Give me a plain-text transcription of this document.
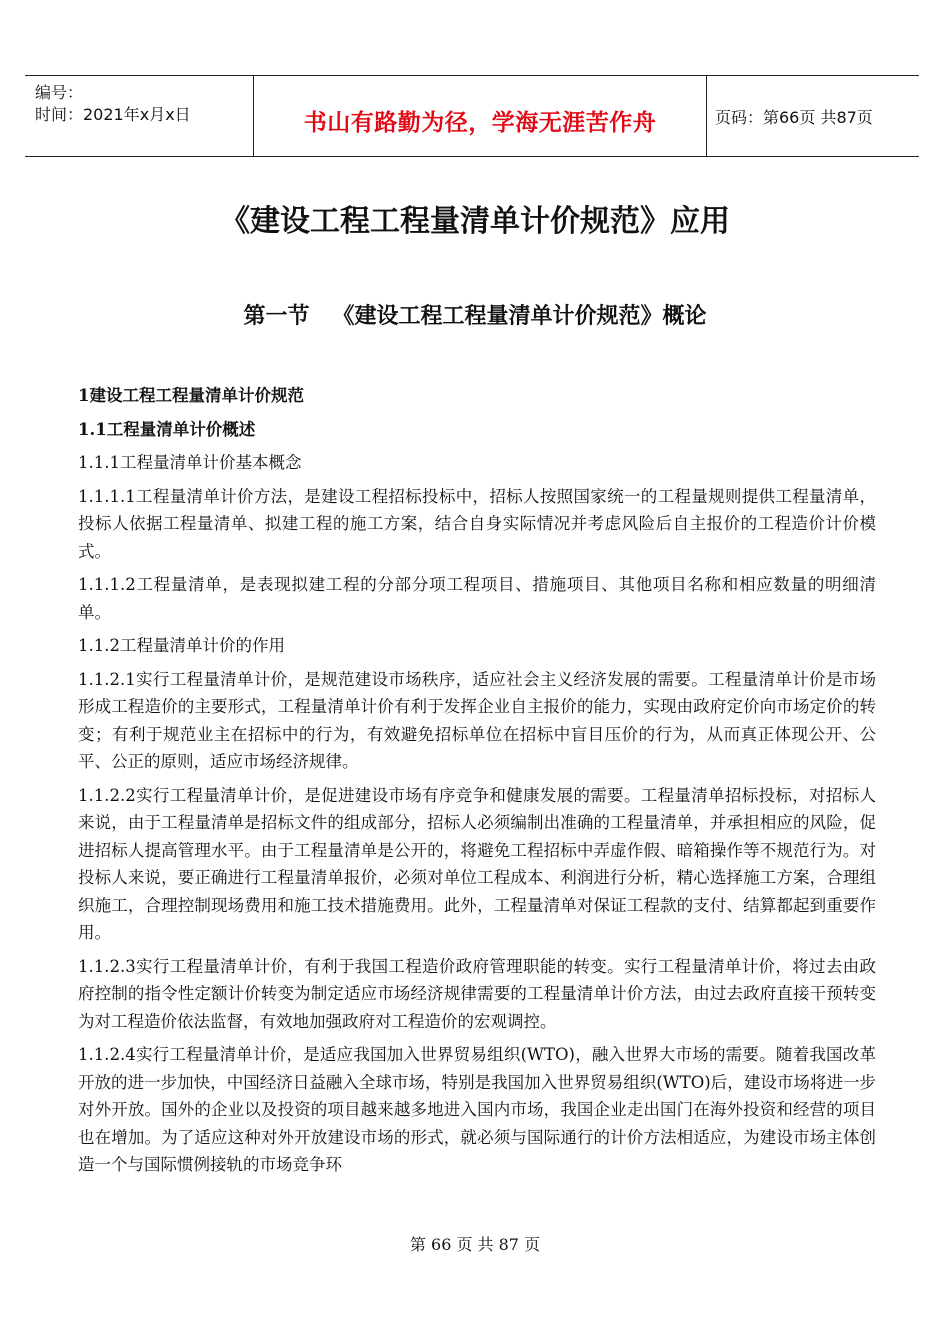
编号：
时间：2021年x月x日	书山有路勤为径，学海无涯苦作舟	页码：第66页 共87页
《建设工程工程量清单计价规范》应用
第一节   《建设工程工程量清单计价规范》概论

1建设工程工程量清单计价规范

1.1工程量清单计价概述

1.1.1工程量清单计价基本概念

1.1.1.1工程量清单计价方法，是建设工程招标投标中，招标人按照国家统一的工程量规则提供工程量清单，投标人依据工程量清单、拟建工程的施工方案，结合自身实际情况并考虑风险后自主报价的工程造价计价模式。

1.1.1.2工程量清单，是表现拟建工程的分部分项工程项目、措施项目、其他项目名称和相应数量的明细清单。

1.1.2工程量清单计价的作用

1.1.2.1实行工程量清单计价，是规范建设市场秩序，适应社会主义经济发展的需要。工程量清单计价是市场形成工程造价的主要形式，工程量清单计价有利于发挥企业自主报价的能力，实现由政府定价向市场定价的转变；有利于规范业主在招标中的行为，有效避免招标单位在招标中盲目压价的行为，从而真正体现公开、公平、公正的原则，适应市场经济规律。

1.1.2.2实行工程量清单计价，是促进建设市场有序竞争和健康发展的需要。工程量清单招标投标，对招标人来说，由于工程量清单是招标文件的组成部分，招标人必须编制出准确的工程量清单，并承担相应的风险，促进招标人提高管理水平。由于工程量清单是公开的，将避免工程招标中弄虚作假、暗箱操作等不规范行为。对投标人来说，要正确进行工程量清单报价，必须对单位工程成本、利润进行分析，精心选择施工方案，合理组织施工，合理控制现场费用和施工技术措施费用。此外，工程量清单对保证工程款的支付、结算都起到重要作用。

1.1.2.3实行工程量清单计价，有利于我国工程造价政府管理职能的转变。实行工程量清单计价，将过去由政府控制的指令性定额计价转变为制定适应市场经济规律需要的工程量清单计价方法，由过去政府直接干预转变为对工程造价依法监督，有效地加强政府对工程造价的宏观调控。

1.1.2.4实行工程量清单计价，是适应我国加入世界贸易组织(WTO)，融入世界大市场的需要。随着我国改革开放的进一步加快，中国经济日益融入全球市场，特别是我国加入世界贸易组织(WTO)后，建设市场将进一步对外开放。国外的企业以及投资的项目越来越多地进入国内市场，我国企业走出国门在海外投资和经营的项目也在增加。为了适应这种对外开放建设市场的形式，就必须与国际通行的计价方法相适应，为建设市场主体创造一个与国际惯例接轨的市场竞争环

第 66 页 共 87 页
